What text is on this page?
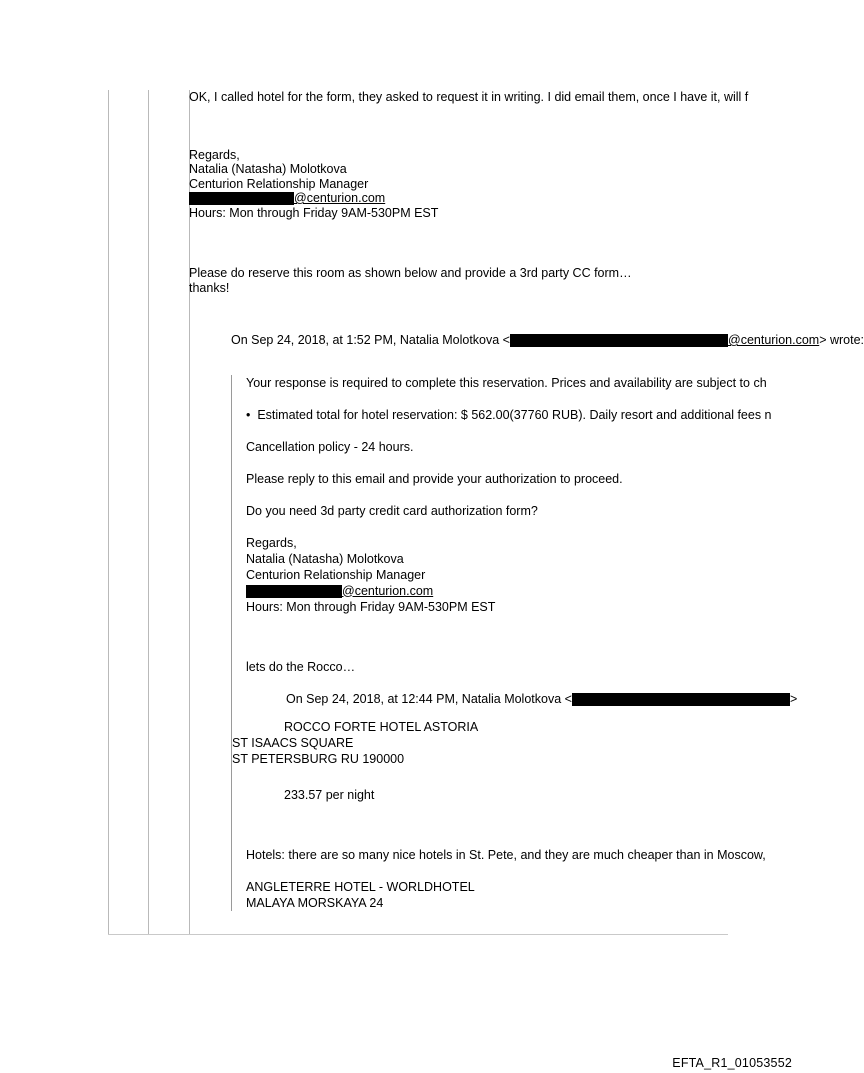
OK, I called hotel for the form, they asked to request it in writing. I did email them, once I have it, will f
Regards,
Natalia (Natasha) Molotkova
Centurion Relationship Manager
@centurion.com
Hours: Mon through Friday 9AM-530PM EST
Please do reserve this room as shown below and provide a 3rd party CC form…
thanks!
On Sep 24, 2018, at 1:52 PM, Natalia Molotkova <	@centurion.com> wrote:
Your response is required to complete this reservation. Prices and availability are subject to ch
•  Estimated total for hotel reservation: $ 562.00(37760 RUB). Daily resort and additional fees n
Cancellation policy - 24 hours.
Please reply to this email and provide your authorization to proceed.
Do you need 3d party credit card authorization form?
Regards,
Natalia (Natasha) Molotkova
Centurion Relationship Manager
@centurion.com
Hours: Mon through Friday 9AM-530PM EST
lets do the Rocco…
On Sep 24, 2018, at 12:44 PM, Natalia Molotkova <	>
ROCCO FORTE HOTEL ASTORIA
ST ISAACS SQUARE
ST PETERSBURG RU 190000
233.57 per night
Hotels: there are so many nice hotels in St. Pete, and they are much cheaper than in Moscow,
ANGLETERRE HOTEL - WORLDHOTEL
MALAYA MORSKAYA 24
EFTA_R1_01053552
